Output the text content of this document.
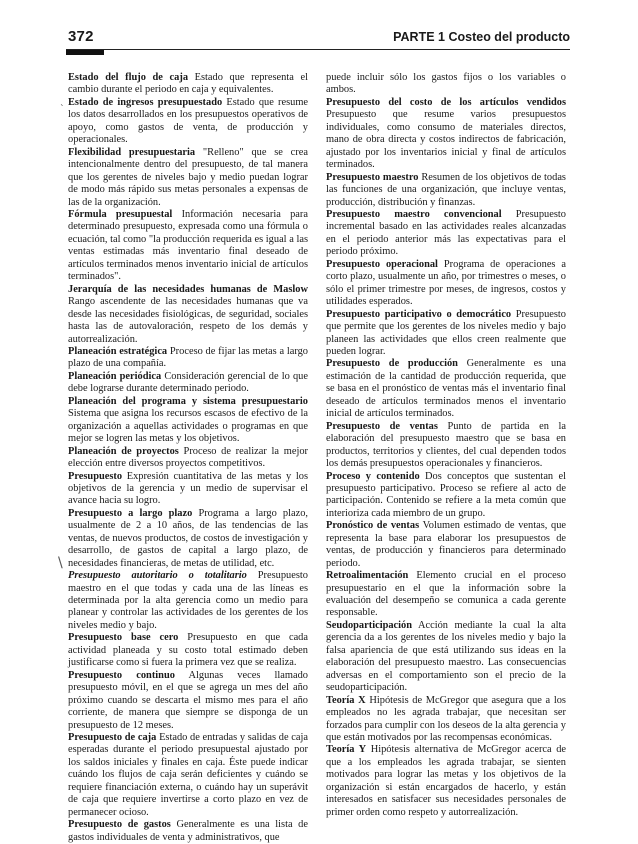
372	PARTE 1 Costeo del producto

Estado del flujo de caja Estado que representa el cambio durante el periodo en caja y equivalentes.

Estado de ingresos presupuestado Estado que resume los datos desarrollados en los presupuestos operativos de apoyo, como gastos de venta, de producción y operacionales.

Flexibilidad presupuestaria "Relleno" que se crea intencionalmente dentro del presupuesto, de tal manera que los gerentes de niveles bajo y medio puedan lograr de modo más rápido sus metas personales a expensas de las de la organización.

Fórmula presupuestal Información necesaria para determinado presupuesto, expresada como una fórmula o ecuación, tal como "la producción requerida es igual a las ventas estimadas más inventario final deseado de artículos terminados menos inventario inicial de artículos terminados".

Jerarquía de las necesidades humanas de Maslow Rango ascendente de las necesidades humanas que va desde las necesidades fisiológicas, de seguridad, sociales hasta las de autovaloración, respeto de los demás y autorrealización.

Planeación estratégica Proceso de fijar las metas a largo plazo de una compañía.

Planeación periódica Consideración gerencial de lo que debe lograrse durante determinado periodo.

Planeación del programa y sistema presupuestario Sistema que asigna los recursos escasos de efectivo de la organización a aquellas actividades o programas en que mejor se logren las metas y los objetivos.

Planeación de proyectos Proceso de realizar la mejor elección entre diversos proyectos competitivos.

Presupuesto Expresión cuantitativa de las metas y los objetivos de la gerencia y un medio de supervisar el avance hacia su logro.

Presupuesto a largo plazo Programa a largo plazo, usualmente de 2 a 10 años, de las tendencias de las ventas, de nuevos productos, de costos de investigación y desarrollo, de gastos de capital a largo plazo, de necesidades financieras, de metas de utilidad, etc.

Presupuesto autoritario o totalitario Presupuesto maestro en el que todas y cada una de las líneas es determinada por la alta gerencia como un medio para planear y controlar las actividades de los gerentes de los niveles medio y bajo.

Presupuesto base cero Presupuesto en que cada actividad planeada y su costo total estimado deben justificarse como si fuera la primera vez que se realiza.

Presupuesto continuo Algunas veces llamado presupuesto móvil, en el que se agrega un mes del año próximo cuando se descarta el mismo mes para el año corriente, de manera que siempre se disponga de un presupuesto de 12 meses.

Presupuesto de caja Estado de entradas y salidas de caja esperadas durante el periodo presupuestal ajustado por los saldos iniciales y finales en caja. Éste puede indicar cuándo los flujos de caja serán deficientes y cuándo se requiere financiación externa, o cuándo hay un superávit de caja que requiere invertirse a corto plazo en vez de permanecer ocioso.

Presupuesto de gastos Generalmente es una lista de gastos individuales de venta y administrativos, que

puede incluir sólo los gastos fijos o los variables o ambos.

Presupuesto del costo de los artículos vendidos Presupuesto que resume varios presupuestos individuales, como consumo de materiales directos, mano de obra directa y costos indirectos de fabricación, ajustado por los inventarios inicial y final de artículos terminados.

Presupuesto maestro Resumen de los objetivos de todas las funciones de una organización, que incluye ventas, producción, distribución y finanzas.

Presupuesto maestro convencional Presupuesto incremental basado en las actividades reales alcanzadas en el periodo anterior más las expectativas para el periodo próximo.

Presupuesto operacional Programa de operaciones a corto plazo, usualmente un año, por trimestres o meses, o sólo el primer trimestre por meses, de ingresos, costos y utilidades esperados.

Presupuesto participativo o democrático Presupuesto que permite que los gerentes de los niveles medio y bajo planeen las actividades que ellos creen realmente que pueden lograr.

Presupuesto de producción Generalmente es una estimación de la cantidad de producción requerida, que se basa en el pronóstico de ventas más el inventario final deseado de artículos terminados menos el inventario inicial de artículos terminados.

Presupuesto de ventas Punto de partida en la elaboración del presupuesto maestro que se basa en productos, territorios y clientes, del cual dependen todos los demás presupuestos operacionales y financieros.

Proceso y contenido Dos conceptos que sustentan el presupuesto participativo. Proceso se refiere al acto de participación. Contenido se refiere a la meta común que interioriza cada miembro de un grupo.

Pronóstico de ventas Volumen estimado de ventas, que representa la base para elaborar los presupuestos de ventas, de producción y financieros para determinado periodo.

Retroalimentación Elemento crucial en el proceso presupuestario en el que la información sobre la evaluación del desempeño se comunica a cada gerente responsable.

Seudoparticipación Acción mediante la cual la alta gerencia da a los gerentes de los niveles medio y bajo la falsa apariencia de que está utilizando sus ideas en la elaboración del presupuesto maestro. Las consecuencias adversas en el comportamiento son el precio de la seudoparticipación.

Teoría X Hipótesis de McGregor que asegura que a los empleados no les agrada trabajar, que necesitan ser forzados para cumplir con los deseos de la alta gerencia y que están motivados por las recompensas económicas.

Teoría Y Hipótesis alternativa de McGregor acerca de que a los empleados les agrada trabajar, se sienten motivados para lograr las metas y los objetivos de la organización si están encargados de hacerlo, y están interesados en satisfacer sus necesidades personales de primer orden como respeto y autorrealización.

ˎ
\
